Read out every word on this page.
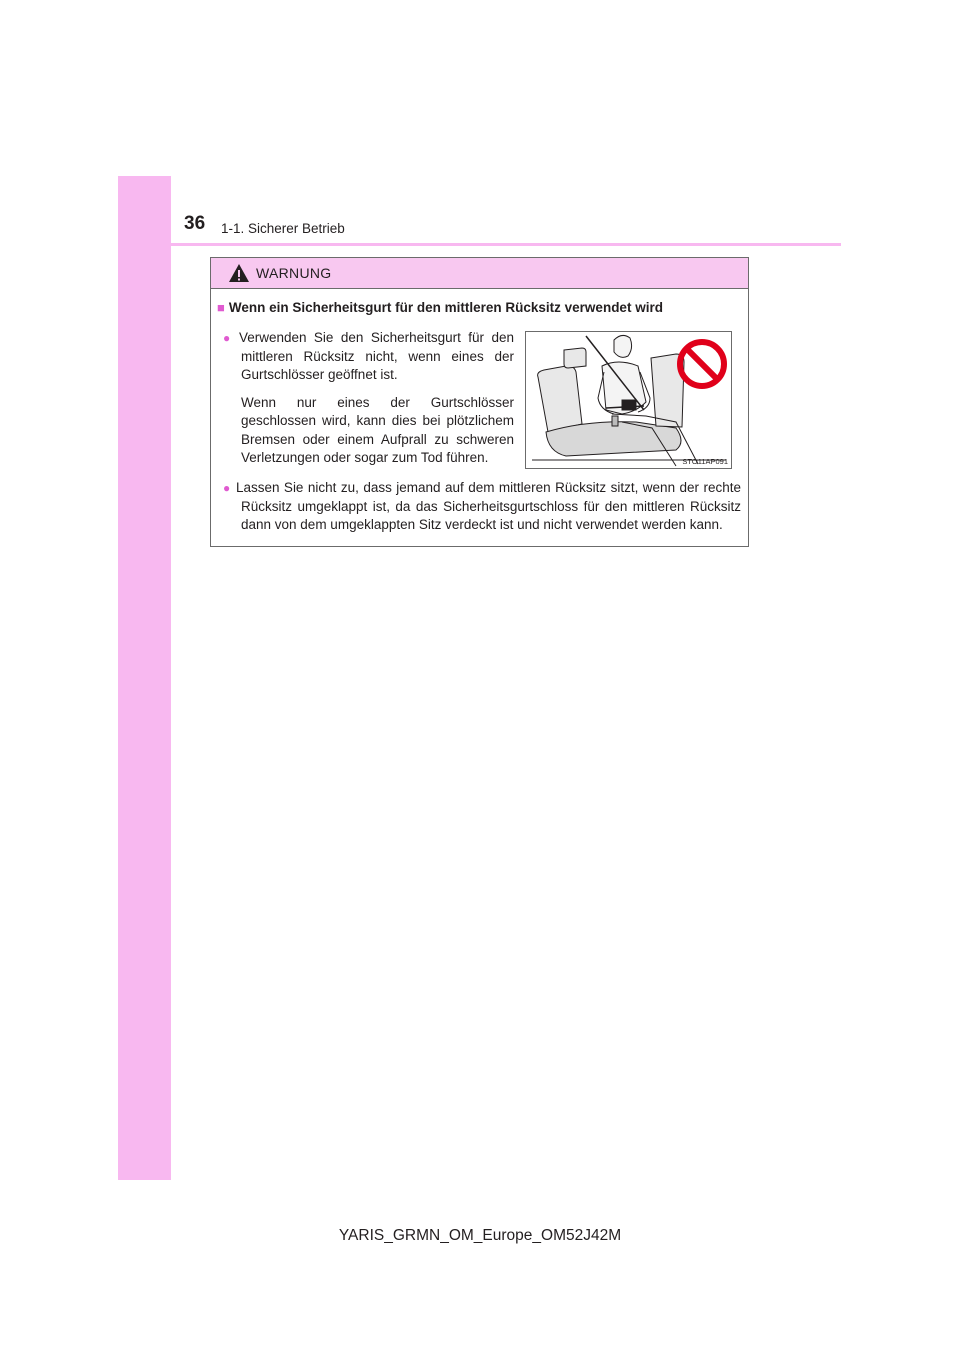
36 1-1. Sicherer Betrieb
WARNUNG
■ Wenn ein Sicherheitsgurt für den mittleren Rücksitz verwendet wird

● Verwenden Sie den Sicherheitsgurt für den mittleren Rücksitz nicht, wenn eines der Gurtschlösser geöffnet ist.

Wenn nur eines der Gurtschlösser geschlossen wird, kann dies bei plötzlichem Bremsen oder einem Aufprall zu schweren Verletzungen oder sogar zum Tod führen.	STO11AP091

● Lassen Sie nicht zu, dass jemand auf dem mittleren Rücksitz sitzt, wenn der rechte Rücksitz umgeklappt ist, da das Sicherheitsgurtschloss für den mittleren Rücksitz dann von dem umgeklappten Sitz verdeckt ist und nicht verwendet werden kann.

YARIS_GRMN_OM_Europe_OM52J42M
